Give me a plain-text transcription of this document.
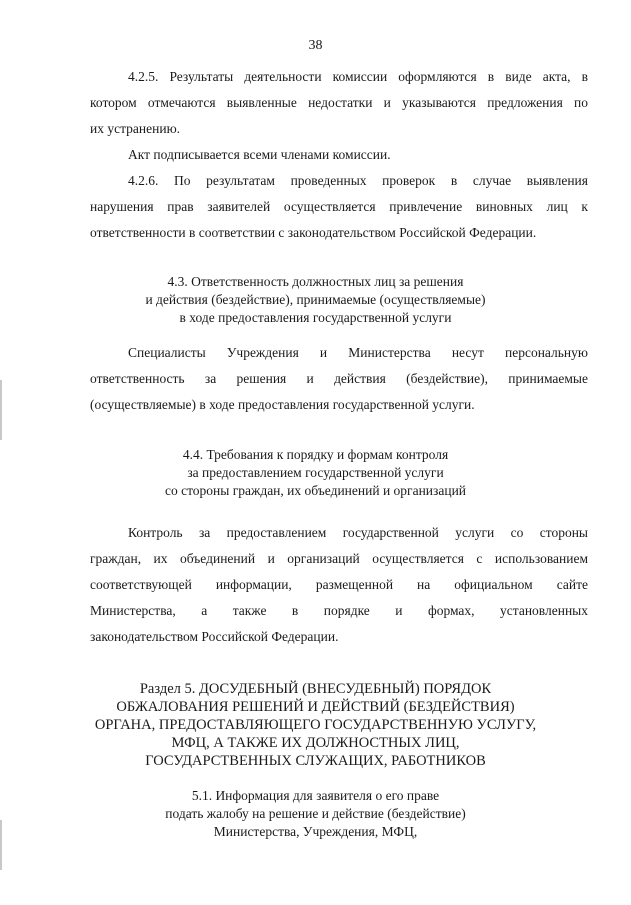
38
4.2.5. Результаты деятельности комиссии оформляются в виде акта, в
котором отмечаются выявленные недостатки и указываются предложения по
их устранению.
Акт подписывается всеми членами комиссии.
4.2.6. По результатам проведенных проверок в случае выявления
нарушения прав заявителей осуществляется привлечение виновных лиц к
ответственности в соответствии с законодательством Российской Федерации.
4.3. Ответственность должностных лиц за решения
и действия (бездействие), принимаемые (осуществляемые)
в ходе предоставления государственной услуги
Специалисты Учреждения и Министерства несут персональную
ответственность за решения и действия (бездействие), принимаемые
(осуществляемые) в ходе предоставления государственной услуги.
4.4. Требования к порядку и формам контроля
за предоставлением государственной услуги
со стороны граждан, их объединений и организаций
Контроль за предоставлением государственной услуги со стороны
граждан, их объединений и организаций осуществляется с использованием
соответствующей информации, размещенной на официальном сайте
Министерства, а также в порядке и формах, установленных
законодательством Российской Федерации.
Раздел 5. ДОСУДЕБНЫЙ (ВНЕСУДЕБНЫЙ) ПОРЯДОК
ОБЖАЛОВАНИЯ РЕШЕНИЙ И ДЕЙСТВИЙ (БЕЗДЕЙСТВИЯ)
ОРГАНА, ПРЕДОСТАВЛЯЮЩЕГО ГОСУДАРСТВЕННУЮ УСЛУГУ,
МФЦ, А ТАКЖЕ ИХ ДОЛЖНОСТНЫХ ЛИЦ,
ГОСУДАРСТВЕННЫХ СЛУЖАЩИХ, РАБОТНИКОВ
5.1. Информация для заявителя о его праве
подать жалобу на решение и действие (бездействие)
Министерства, Учреждения, МФЦ,
